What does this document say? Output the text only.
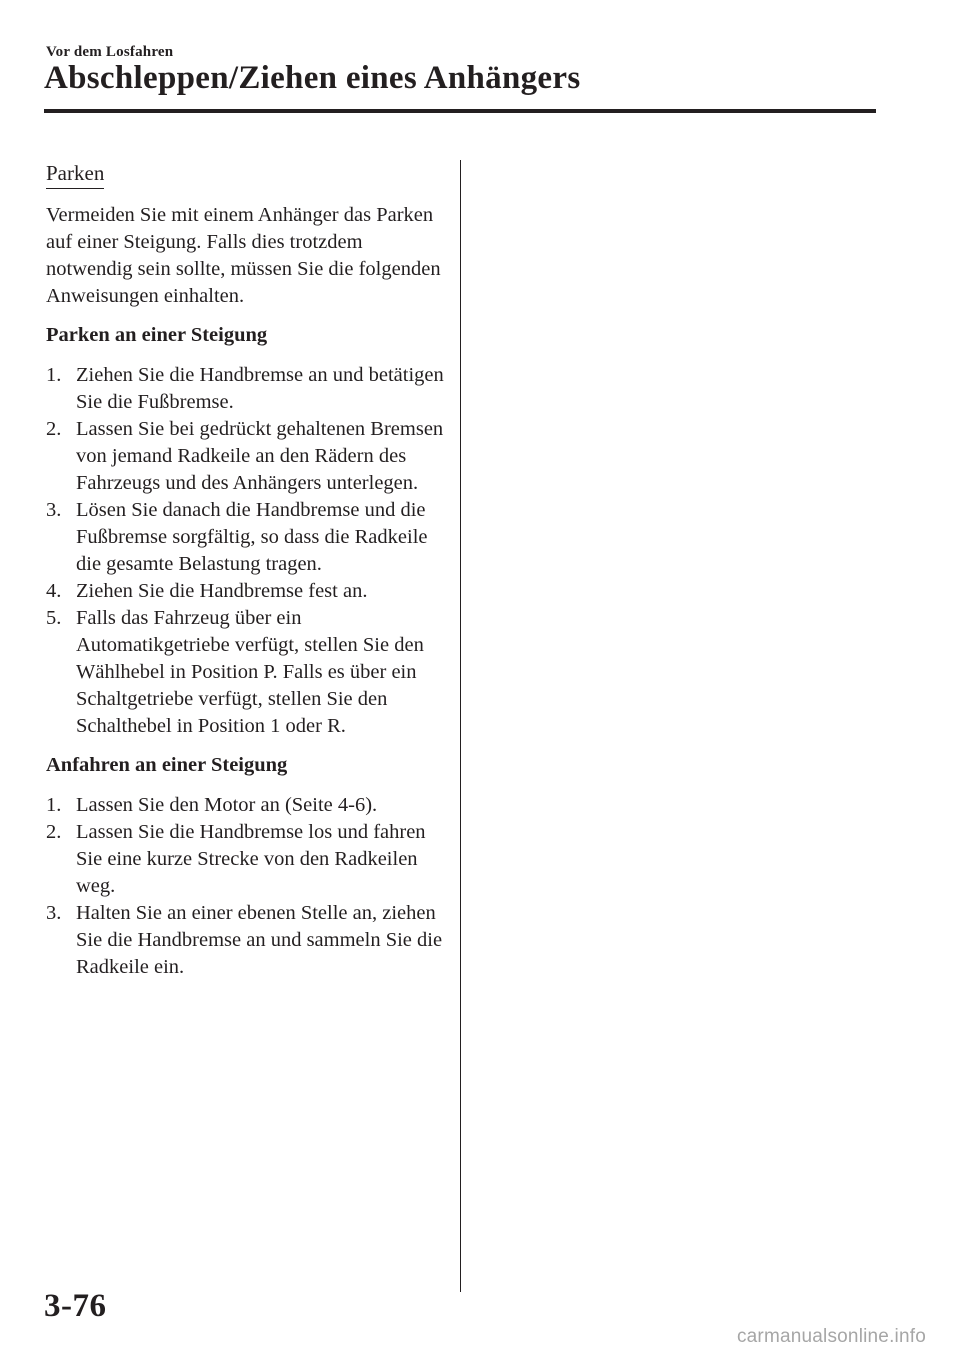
Vor dem Losfahren
Abschleppen/Ziehen eines Anhängers
Parken

Vermeiden Sie mit einem Anhänger das Parken auf einer Steigung. Falls dies trotzdem notwendig sein sollte, müssen Sie die folgenden Anweisungen einhalten.

Parken an einer Steigung

1. Ziehen Sie die Handbremse an und betätigen Sie die Fußbremse.
2. Lassen Sie bei gedrückt gehaltenen Bremsen von jemand Radkeile an den Rädern des Fahrzeugs und des Anhängers unterlegen.
3. Lösen Sie danach die Handbremse und die Fußbremse sorgfältig, so dass die Radkeile die gesamte Belastung tragen.
4. Ziehen Sie die Handbremse fest an.
5. Falls das Fahrzeug über ein Automatikgetriebe verfügt, stellen Sie den Wählhebel in Position P. Falls es über ein Schaltgetriebe verfügt, stellen Sie den Schalthebel in Position 1 oder R.

Anfahren an einer Steigung

1. Lassen Sie den Motor an (Seite 4-6).
2. Lassen Sie die Handbremse los und fahren Sie eine kurze Strecke von den Radkeilen weg.
3. Halten Sie an einer ebenen Stelle an, ziehen Sie die Handbremse an und sammeln Sie die Radkeile ein.
3-76
carmanualsonline.info
